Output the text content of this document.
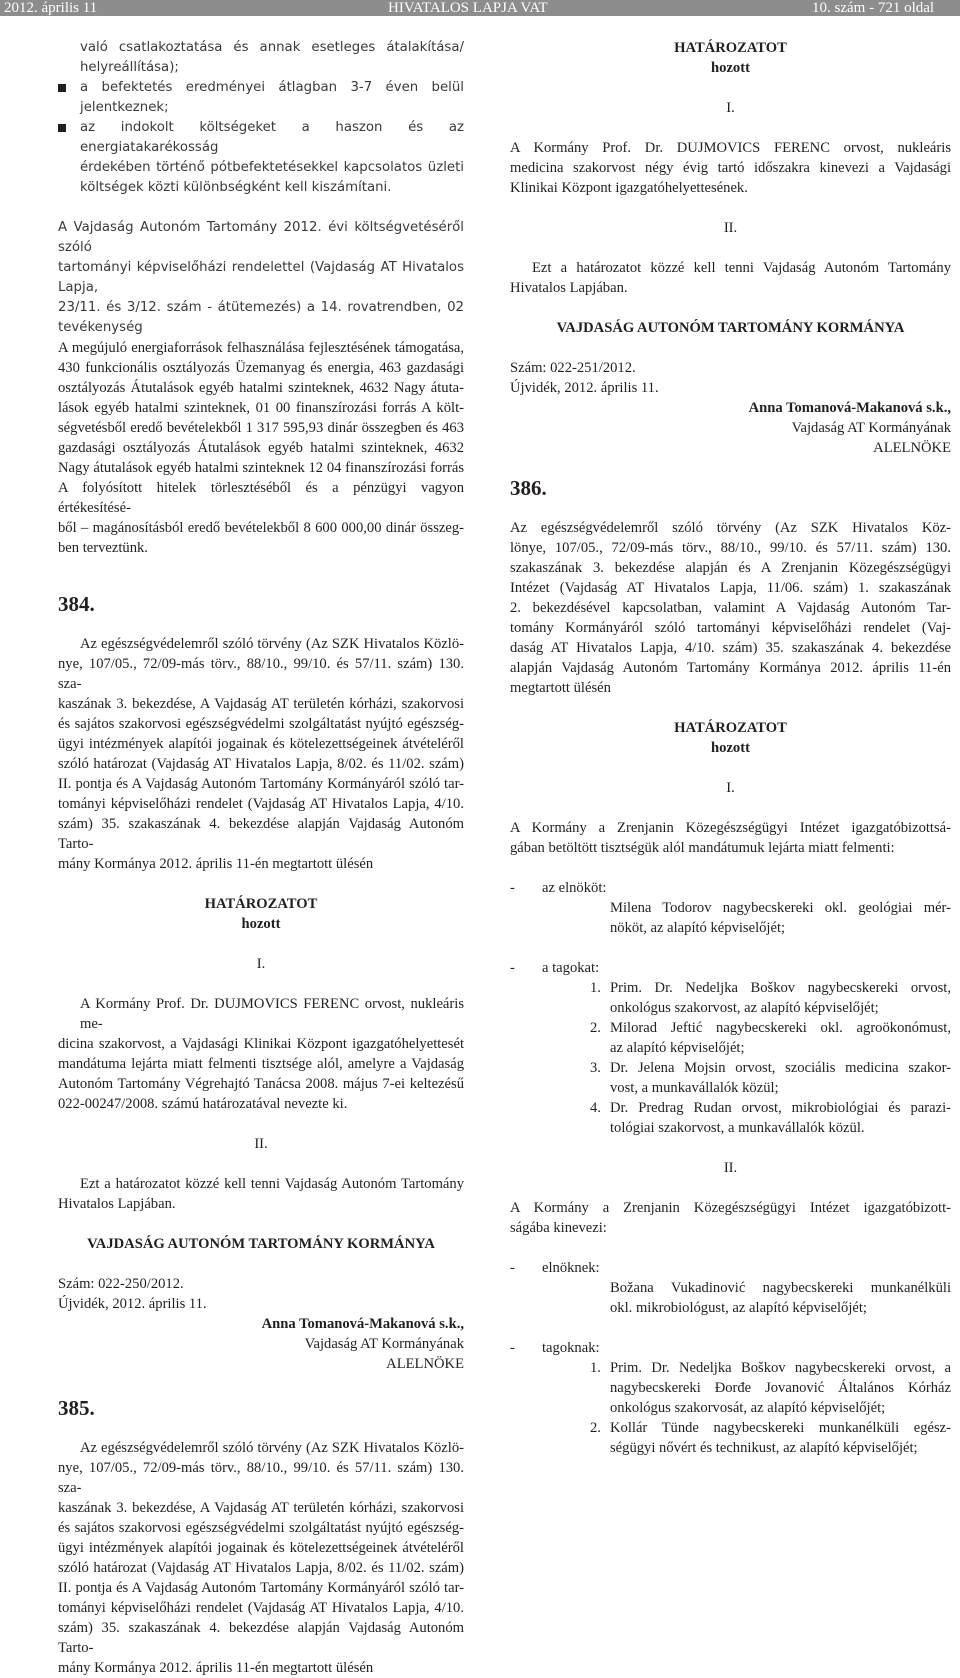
2012. április 11	HIVATALOS LAPJA VAT	10. szám - 721 oldal
való csatlakoztatása és annak esetleges átalakítása/
helyreállítása);
a befektetés eredményei átlagban 3-7 éven belül
jelentkeznek;
az indokolt költségeket a haszon és az energiatakarékosság
érdekében történő pótbefektetésekkel kapcsolatos üzleti
költségek közti különbségként kell kiszámítani.
A Vajdaság Autonóm Tartomány 2012. évi költségvetéséről szóló
tartományi képviselőházi rendelettel (Vajdaság AT Hivatalos Lapja,
23/11. és 3/12. szám - átütemezés) a 14. rovatrendben, 02 tevékenység
A megújuló energiaforrások felhasználása fejlesztésének támogatása,
430 funkcionális osztályozás Üzemanyag és energia, 463 gazdasági
osztályozás Átutalások egyéb hatalmi szinteknek, 4632 Nagy átuta-
lások egyéb hatalmi szinteknek, 01 00 finanszírozási forrás A költ-
ségvetésből eredő bevételekből 1 317 595,93 dinár összegben és 463
gazdasági osztályozás Átutalások egyéb hatalmi szinteknek, 4632
Nagy átutalások egyéb hatalmi szinteknek 12 04 finanszírozási forrás
A folyósított hitelek törlesztéséből és a pénzügyi vagyon értékesítésé-
ből – magánosításból eredő bevételekből 8 600 000,00 dinár összeg-
ben terveztünk.
384.
Az egészségvédelemről szóló törvény (Az SZK Hivatalos Közlö-
nye, 107/05., 72/09-más törv., 88/10., 99/10. és 57/11. szám) 130. sza-
kaszának 3. bekezdése, A Vajdaság AT területén kórházi, szakorvosi
és sajátos szakorvosi egészségvédelmi szolgáltatást nyújtó egészség-
ügyi intézmények alapítói jogainak és kötelezettségeinek átvételéről
szóló határozat (Vajdaság AT Hivatalos Lapja, 8/02. és 11/02. szám)
II. pontja és A Vajdaság Autonóm Tartomány Kormányáról szóló tar-
tományi képviselőházi rendelet (Vajdaság AT Hivatalos Lapja, 4/10.
szám) 35. szakaszának 4. bekezdése alapján Vajdaság Autonóm Tarto-
mány Kormánya 2012. április 11-én megtartott ülésén
HATÁROZATOT
hozott
I.
A Kormány Prof. Dr. DUJMOVICS FERENC orvost, nukleáris me-
dicina szakorvost, a Vajdasági Klinikai Központ igazgatóhelyettesét
mandátuma lejárta miatt felmenti tisztsége alól, amelyre a Vajdaság
Autonóm Tartomány Végrehajtó Tanácsa 2008. május 7-ei keltezésű
022-00247/2008. számú határozatával nevezte ki.
II.
Ezt a határozatot közzé kell tenni Vajdaság Autonóm Tartomány
Hivatalos Lapjában.
VAJDASÁG AUTONÓM TARTOMÁNY KORMÁNYA
Szám: 022-250/2012.
Újvidék, 2012. április 11.
Anna Tomanová-Makanová s.k.,
Vajdaság AT Kormányának
ALELNÖKE
385.
Az egészségvédelemről szóló törvény (Az SZK Hivatalos Közlö-
nye, 107/05., 72/09-más törv., 88/10., 99/10. és 57/11. szám) 130. sza-
kaszának 3. bekezdése, A Vajdaság AT területén kórházi, szakorvosi
és sajátos szakorvosi egészségvédelmi szolgáltatást nyújtó egészség-
ügyi intézmények alapítói jogainak és kötelezettségeinek átvételéről
szóló határozat (Vajdaság AT Hivatalos Lapja, 8/02. és 11/02. szám)
II. pontja és A Vajdaság Autonóm Tartomány Kormányáról szóló tar-
tományi képviselőházi rendelet (Vajdaság AT Hivatalos Lapja, 4/10.
szám) 35. szakaszának 4. bekezdése alapján Vajdaság Autonóm Tarto-
mány Kormánya 2012. április 11-én megtartott ülésén
HATÁROZATOT
hozott
I.
A Kormány Prof. Dr. DUJMOVICS FERENC orvost, nukleáris
medicina szakorvost négy évig tartó időszakra kinevezi a Vajdasági
Klinikai Központ igazgatóhelyettesének.
II.
Ezt a határozatot közzé kell tenni Vajdaság Autonóm Tartomány
Hivatalos Lapjában.
VAJDASÁG AUTONÓM TARTOMÁNY KORMÁNYA
Szám: 022-251/2012.
Újvidék, 2012. április 11.
Anna Tomanová-Makanová s.k.,
Vajdaság AT Kormányának
ALELNÖKE
386.
Az egészségvédelemről szóló törvény (Az SZK Hivatalos Köz-
lönye, 107/05., 72/09-más törv., 88/10., 99/10. és 57/11. szám) 130.
szakaszának 3. bekezdése alapján és A Zrenjanin Közegészségügyi
Intézet (Vajdaság AT Hivatalos Lapja, 11/06. szám) 1. szakaszának
2. bekezdésével kapcsolatban, valamint A Vajdaság Autonóm Tar-
tomány Kormányáról szóló tartományi képviselőházi rendelet (Vaj-
daság AT Hivatalos Lapja, 4/10. szám) 35. szakaszának 4. bekezdése
alapján Vajdaság Autonóm Tartomány Kormánya 2012. április 11-én
megtartott ülésén
HATÁROZATOT
hozott
I.
A Kormány a Zrenjanin Közegészségügyi Intézet igazgatóbizottsá-
gában betöltött tisztségük alól mandátumuk lejárta miatt felmenti:
- az elnököt:
Milena Todorov nagybecskereki okl. geológiai mér-
nököt, az alapító képviselőjét;
- a tagokat:
1. Prim. Dr. Nedeljka Boškov nagybecskereki orvost,
onkológus szakorvost, az alapító képviselőjét;
2. Milorad Jeftić nagybecskereki okl. agroökonómust,
az alapító képviselőjét;
3. Dr. Jelena Mojsin orvost, szociális medicina szakor-
vost, a munkavállalók közül;
4. Dr. Predrag Rudan orvost, mikrobiológiai és parazi-
tológiai szakorvost, a munkavállalók közül.
II.
A Kormány a Zrenjanin Közegészségügyi Intézet igazgatóbizott-
ságába kinevezi:
- elnöknek:
Božana Vukadinović nagybecskereki munkanélküli
okl. mikrobiológust, az alapító képviselőjét;
- tagoknak:
1. Prim. Dr. Nedeljka Boškov nagybecskereki orvost, a
nagybecskereki Đorđe Jovanović Általános Kórház
onkológus szakorvosát, az alapító képviselőjét;
2. Kollár Tünde nagybecskereki munkanélküli egész-
ségügyi nővért és technikust, az alapító képviselőjét;
